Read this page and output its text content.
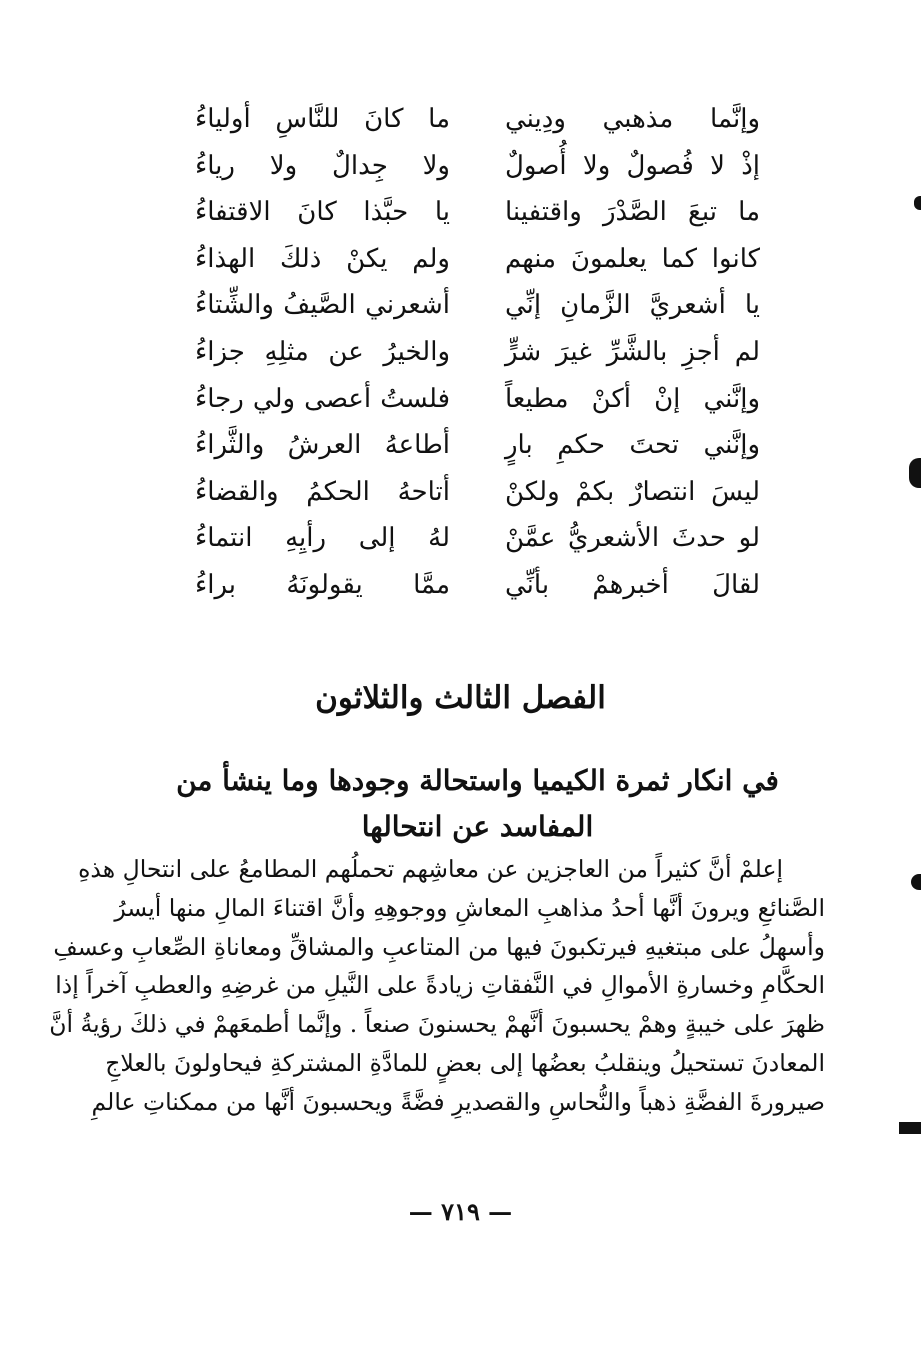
وإنَّما مذهبي ودِيني
ما كانَ للنَّاسِ أولياءُ
إذْ لا فُصولٌ ولا أُصولٌ
ولا جِدالٌ ولا رياءُ
ما تبعَ الصَّدْرَ واقتفينا
يا حبَّذا كانَ الاقتفاءُ
كانوا كما يعلمونَ منهم
ولم يكنْ ذلكَ الهذاءُ
يا أشعريَّ الزَّمانِ إنِّي
أشعرني الصَّيفُ والشِّتاءُ
لم أجزِ بالشَّرِّ غيرَ شرٍّ
والخيرُ عن مثلِهِ جزاءُ
وإنَّني إنْ أكنْ مطيعاً
فلستُ أعصى ولي رجاءُ
وإنَّني تحتَ حكمِ بارٍ
أطاعهُ العرشُ والثَّراءُ
ليسَ انتصارٌ بكمْ ولكنْ
أتاحهُ الحكمُ والقضاءُ
لو حدثَ الأشعريُّ عمَّنْ
لهُ إلى رأيِهِ انتماءُ
لقالَ أخبرهمْ بأنِّي
ممَّا يقولونَهُ براءُ
الفصل الثالث والثلاثون
في انكار ثمرة الكيميا واستحالة وجودها وما ينشأ من المفاسد عن انتحالها
إعلمْ أنَّ كثيراً من العاجزين عن معاشِهم تحملُهم المطامعُ على انتحالِ هذهِ
الصَّنائعِ ويرونَ أنَّها أحدُ مذاهبِ المعاشِ ووجوهِهِ وأنَّ اقتناءَ المالِ منها أيسرُ
وأسهلُ على مبتغيهِ فيرتكبونَ فيها من المتاعبِ والمشاقِّ ومعاناةِ الصِّعابِ وعسفِ
الحكَّامِ وخسارةِ الأموالِ في النَّفقاتِ زيادةً على النَّيلِ من غرضِهِ والعطبِ آخراً إذا
ظهرَ على خيبةٍ وهمْ يحسبونَ أنَّهمْ يحسنونَ صنعاً . وإنَّما أطمعَهمْ في ذلكَ رؤيةُ أنَّ
المعادنَ تستحيلُ وينقلبُ بعضُها إلى بعضٍ للمادَّةِ المشتركةِ فيحاولونَ بالعلاجِ
صيرورةَ الفضَّةِ ذهباً والنُّحاسِ والقصديرِ فضَّةً ويحسبونَ أنَّها من ممكناتِ عالمِ
— ٧١٩ —
